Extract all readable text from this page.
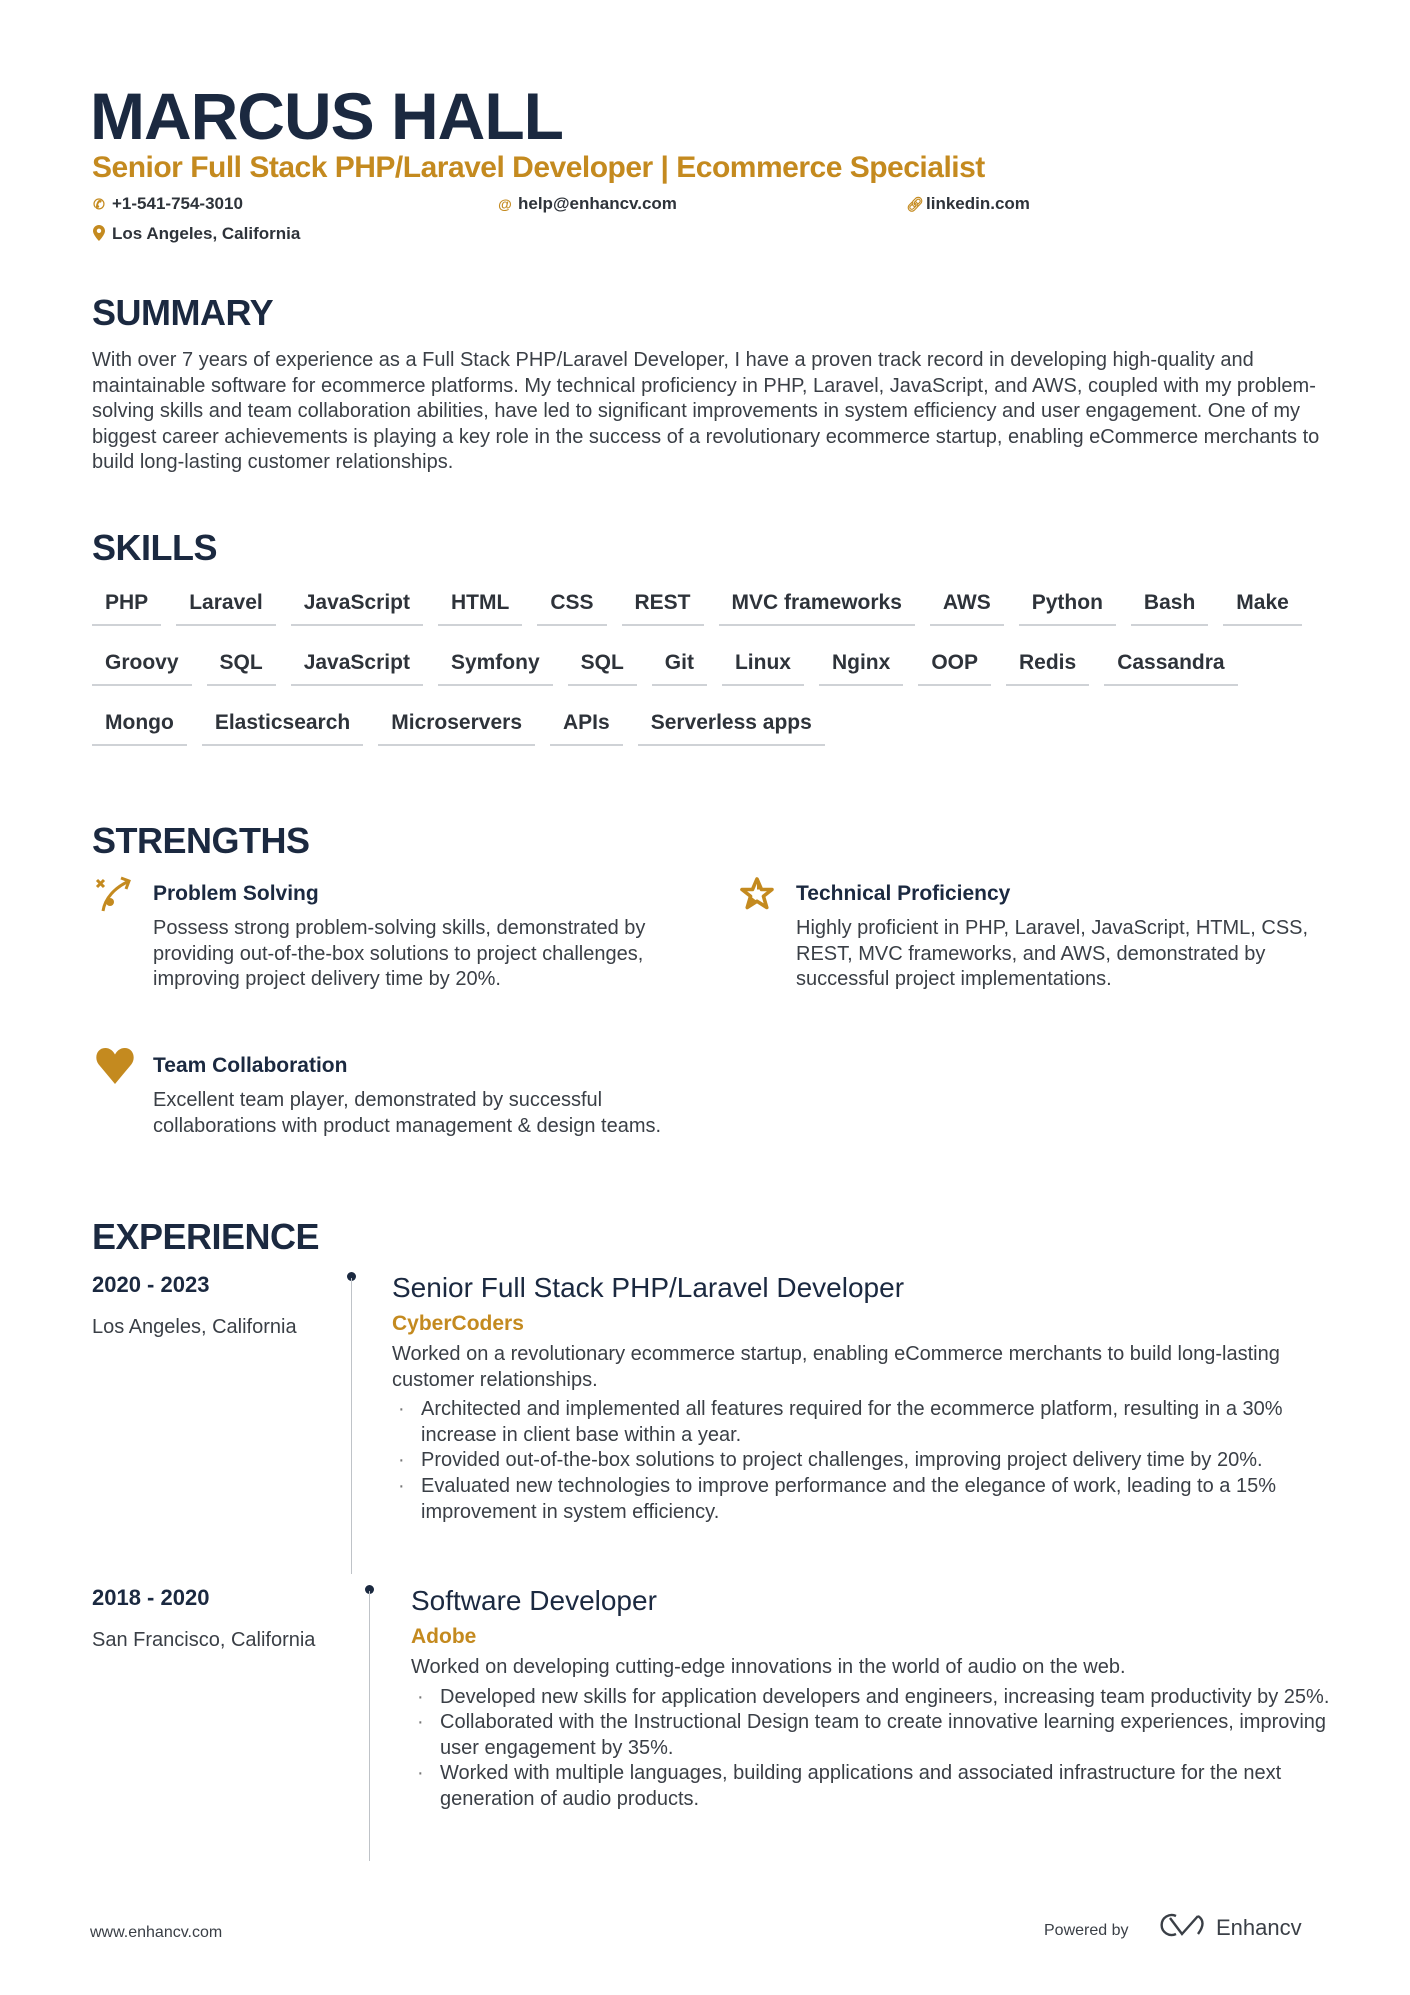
MARCUS HALL
Senior Full Stack PHP/Laravel Developer | Ecommerce Specialist
✆ +1-541-754-3010	@ help@enhancv.com	🔗︎ linkedin.com
Los Angeles, California
SUMMARY
With over 7 years of experience as a Full Stack PHP/Laravel Developer, I have a proven track record in developing high-quality and maintainable software for ecommerce platforms. My technical proficiency in PHP, Laravel, JavaScript, and AWS, coupled with my problem-solving skills and team collaboration abilities, have led to significant improvements in system efficiency and user engagement. One of my biggest career achievements is playing a key role in the success of a revolutionary ecommerce startup, enabling eCommerce merchants to build long-lasting customer relationships.
SKILLS
PHP	Laravel	JavaScript	HTML	CSS	REST	MVC frameworks	AWS	Python	Bash	Make
Groovy	SQL	JavaScript	Symfony	SQL	Git	Linux	Nginx	OOP	Redis	Cassandra
Mongo	Elasticsearch	Microservers	APIs	Serverless apps
STRENGTHS
Problem Solving
Possess strong problem-solving skills, demonstrated by providing out-of-the-box solutions to project challenges, improving project delivery time by 20%.
Technical Proficiency
Highly proficient in PHP, Laravel, JavaScript, HTML, CSS, REST, MVC frameworks, and AWS, demonstrated by successful project implementations.
Team Collaboration
Excellent team player, demonstrated by successful collaborations with product management & design teams.
EXPERIENCE
2020 - 2023
Los Angeles, California
Senior Full Stack PHP/Laravel Developer
CyberCoders
Worked on a revolutionary ecommerce startup, enabling eCommerce merchants to build long-lasting customer relationships.
· Architected and implemented all features required for the ecommerce platform, resulting in a 30% increase in client base within a year.
· Provided out-of-the-box solutions to project challenges, improving project delivery time by 20%.
· Evaluated new technologies to improve performance and the elegance of work, leading to a 15% improvement in system efficiency.
2018 - 2020
San Francisco, California
Software Developer
Adobe
Worked on developing cutting-edge innovations in the world of audio on the web.
· Developed new skills for application developers and engineers, increasing team productivity by 25%.
· Collaborated with the Instructional Design team to create innovative learning experiences, improving user engagement by 35%.
· Worked with multiple languages, building applications and associated infrastructure for the next generation of audio products.
www.enhancv.com	Powered by	Enhancv
